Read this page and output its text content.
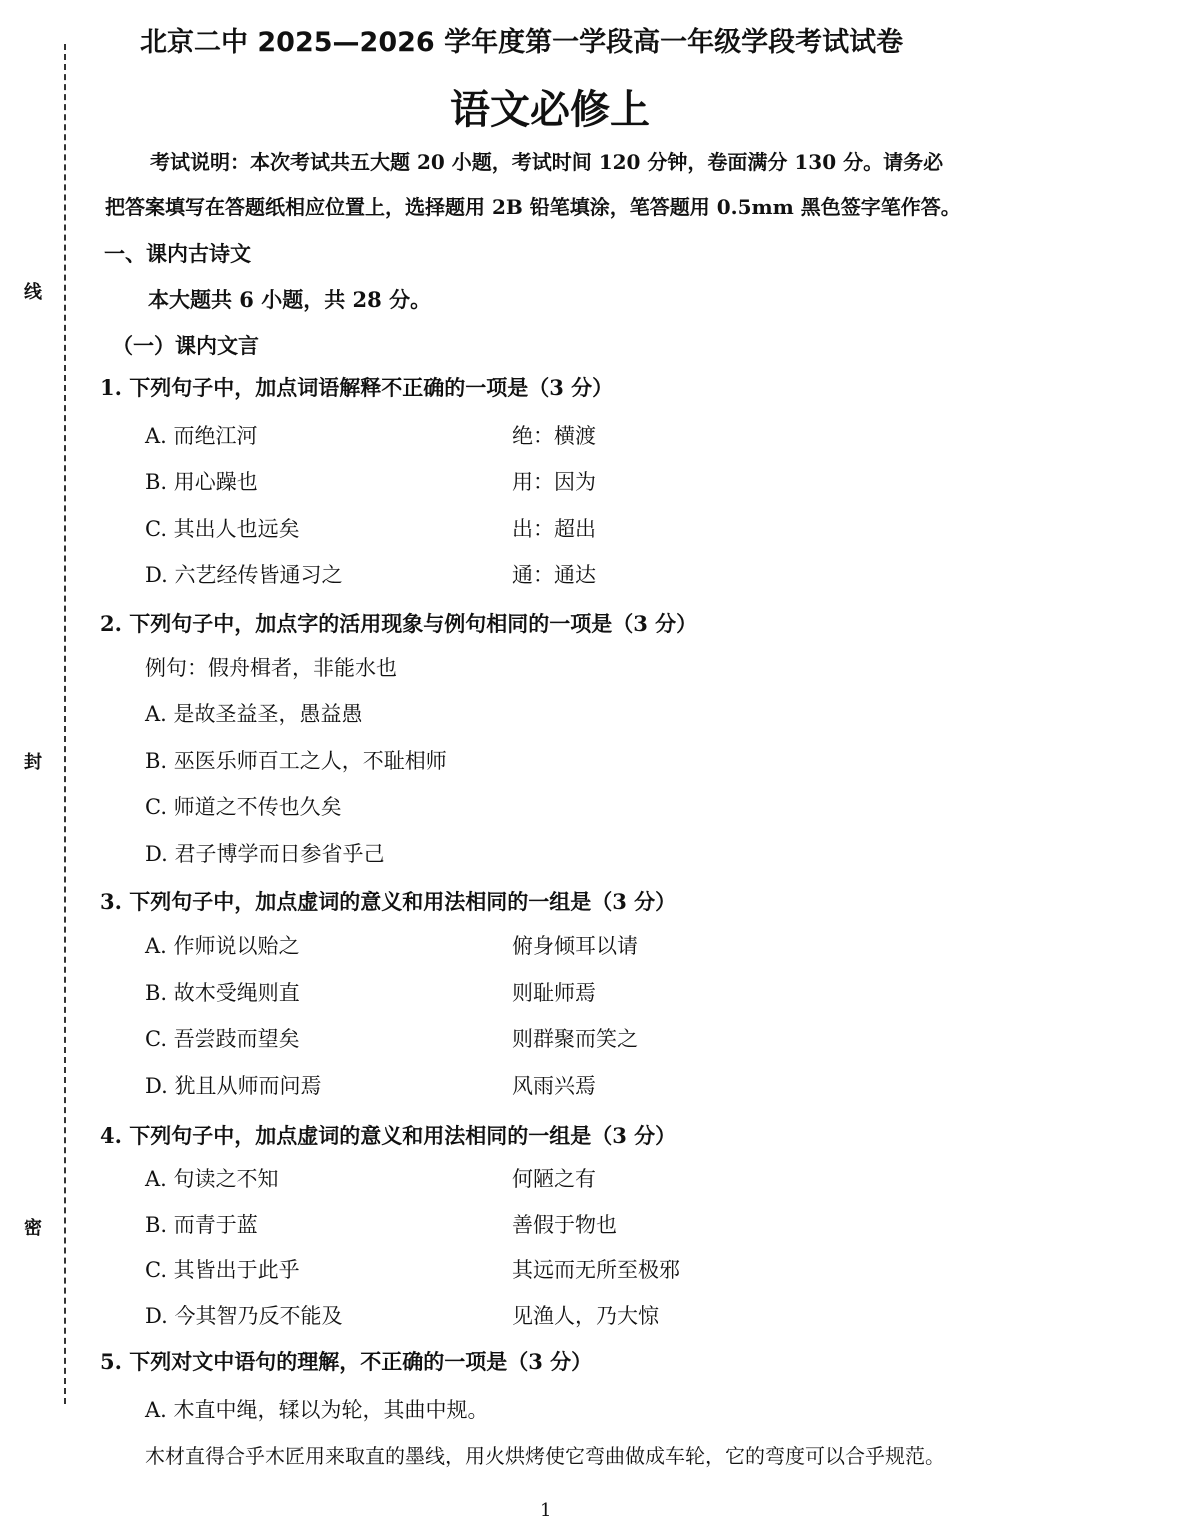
线
封
密
北京二中 2025—2026 学年度第一学段高一年级学段考试试卷
语文必修上
考试说明：本次考试共五大题 20 小题，考试时间 120 分钟，卷面满分 130 分。请务必
把答案填写在答题纸相应位置上，选择题用 2B 铅笔填涂，笔答题用 0.5mm 黑色签字笔作答。
一、课内古诗文
本大题共 6 小题，共 28 分。
（一）课内文言
1. 下列句子中，加点词语解释不正确的一项是（3 分）
A. 而绝江河	绝：横渡
B. 用心躁也	用：因为
C. 其出人也远矣	出：超出
D. 六艺经传皆通习之	通：通达
2. 下列句子中，加点字的活用现象与例句相同的一项是（3 分）
例句：假舟楫者，非能水也
A. 是故圣益圣，愚益愚
B. 巫医乐师百工之人，不耻相师
C. 师道之不传也久矣
D. 君子博学而日参省乎己
3. 下列句子中，加点虚词的意义和用法相同的一组是（3 分）
A. 作师说以贻之	俯身倾耳以请
B. 故木受绳则直	则耻师焉
C. 吾尝跂而望矣	则群聚而笑之
D. 犹且从师而问焉	风雨兴焉
4. 下列句子中，加点虚词的意义和用法相同的一组是（3 分）
A. 句读之不知	何陋之有
B. 而青于蓝	善假于物也
C. 其皆出于此乎	其远而无所至极邪
D. 今其智乃反不能及	见渔人，乃大惊
5. 下列对文中语句的理解，不正确的一项是（3 分）
A. 木直中绳，𫐓以为轮，其曲中规。
木材直得合乎木匠用来取直的墨线，用火烘烤使它弯曲做成车轮，它的弯度可以合乎规范。
1
